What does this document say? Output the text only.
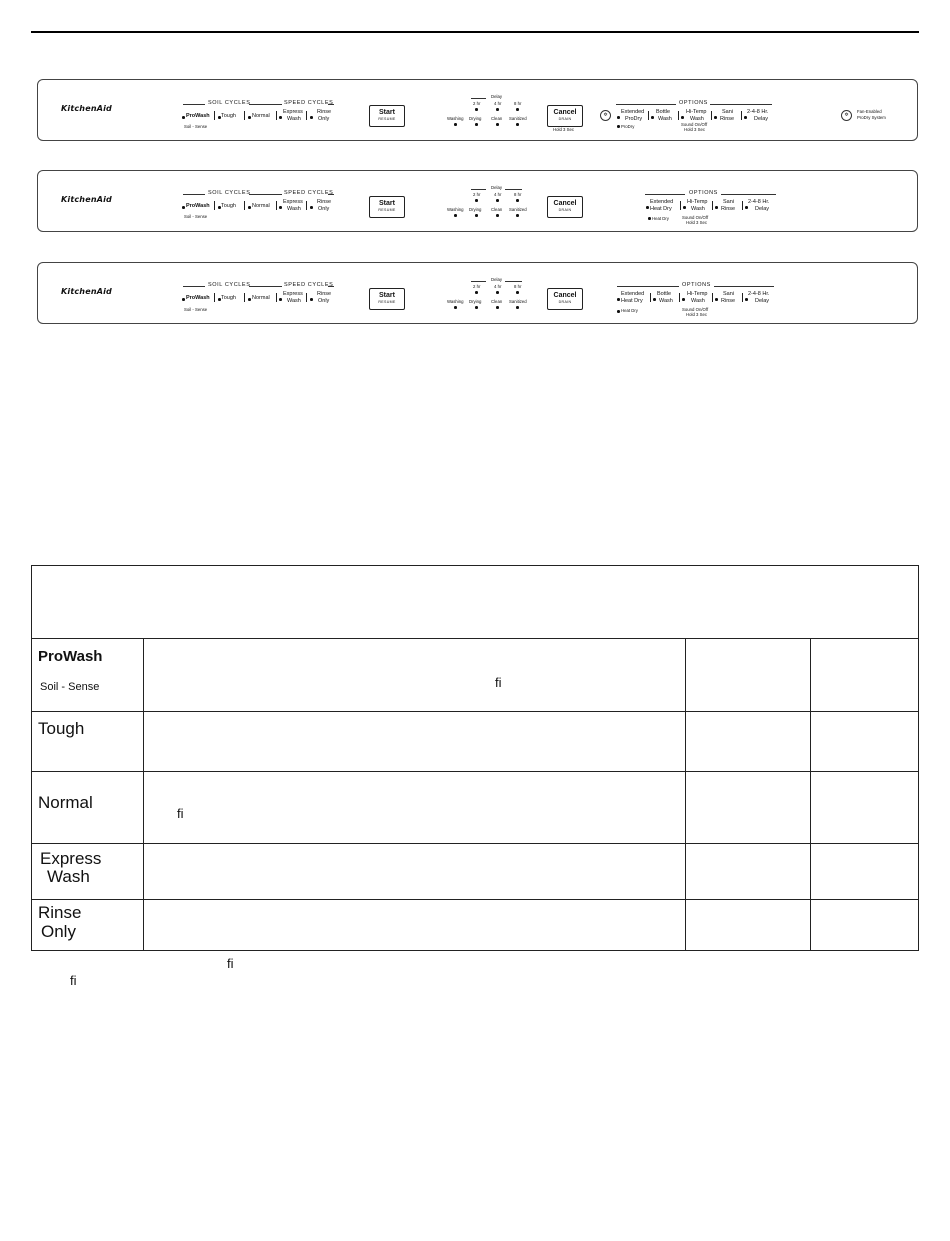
KitchenAid
SOIL CYCLES	SPEED CYCLES
ProWash Tough	Normal
Express
Wash
Rinse
Only
Soil - Sense
Start
RESUME
Delay
2 hr	4 hr	8 hr
Washing Drying Clean Sanitized
Cancel
DRAIN
Hold 3 Sec
✲
OPTIONS
Extended
ProDry
Bottle
Wash
Hi-Temp
Wash
Sani
Rinse
2-4-8 Hr.
Delay
ProDry	Sound On/Off
Hold 3 Sec
✲
Fan-Enabled
ProDry System
KitchenAid
SOIL CYCLES	SPEED CYCLES
ProWash Tough	Normal
Express
Wash
Rinse
Only
Soil - Sense
Start
RESUME
Delay
2 hr	4 hr	8 hr
Washing Drying Clean Sanitized
Cancel
DRAIN
OPTIONS
Extended
Heat Dry
Hi-Temp
Wash
Sani
Rinse
2-4-8 Hr.
Delay
Heat Dry	Sound On/Off
Hold 3 Sec
KitchenAid
SOIL CYCLES	SPEED CYCLES
ProWash Tough	Normal
Express
Wash
Rinse
Only
Soil - Sense
Start
RESUME
Delay
2 hr	4 hr	8 hr
Washing Drying Clean Sanitized
Cancel
DRAIN
OPTIONS
Extended
Heat Dry
Bottle
Wash
Hi-Temp
Wash
Sani
Rinse
2-4-8 Hr.
Delay
Heat Dry	Sound On/Off
Hold 3 Sec
ProWash
Soil - Sense	fi
Tough
Normal
fi
Express
Wash
Rinse
Only
fi
fi
